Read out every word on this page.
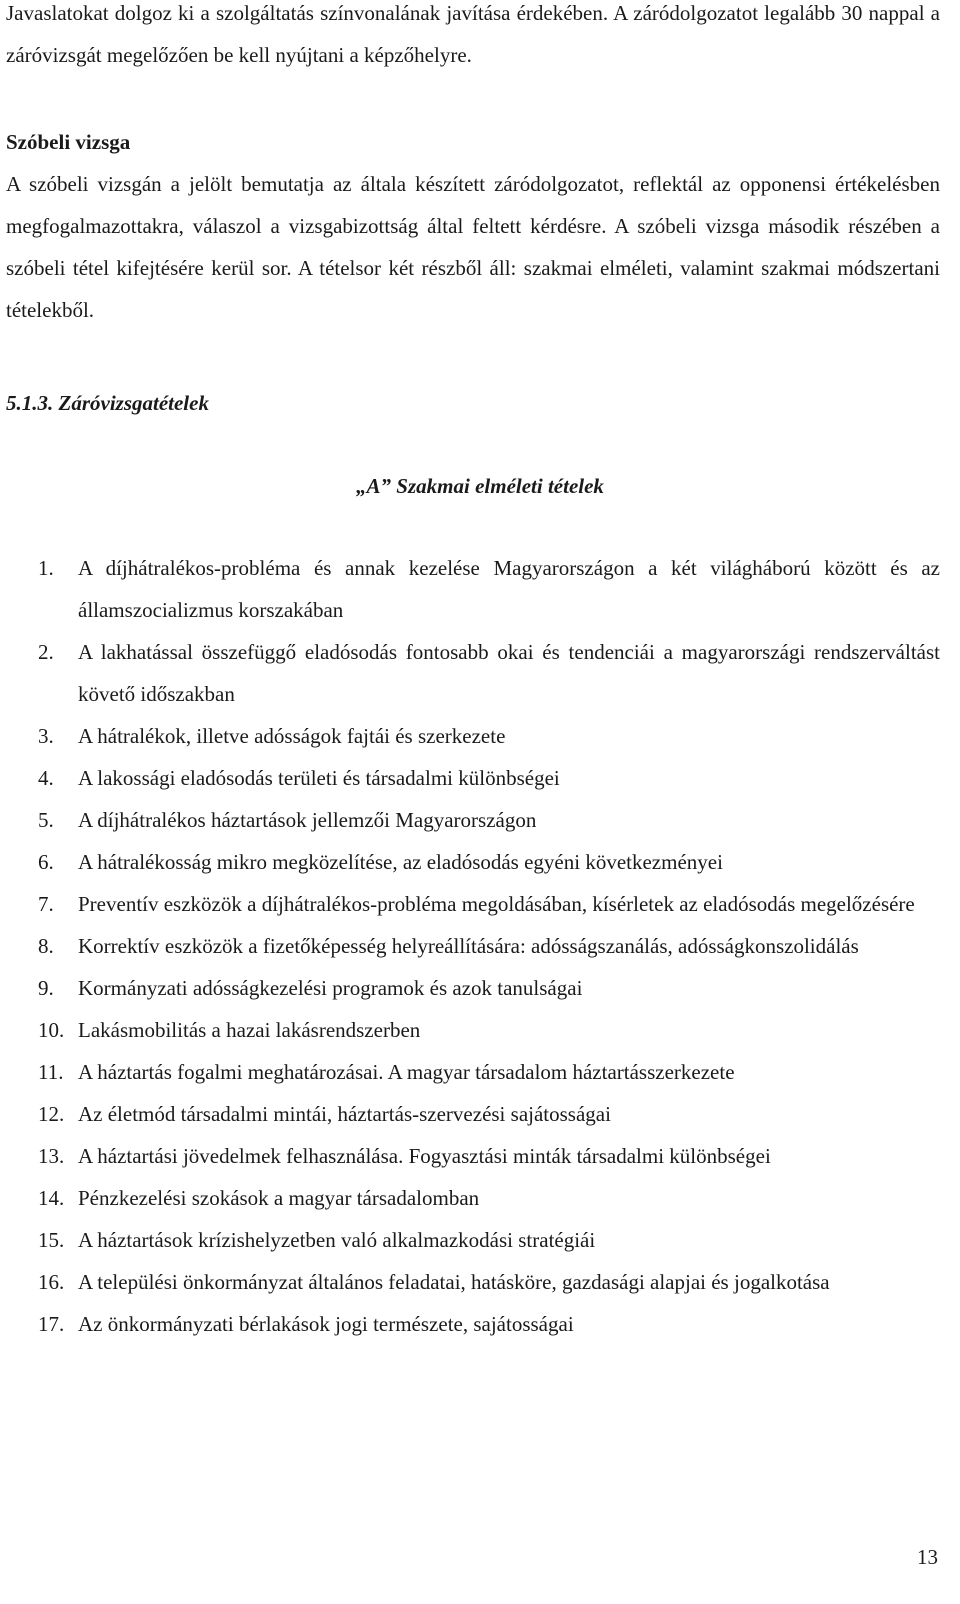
Javaslatokat dolgoz ki a szolgáltatás színvonalának javítása érdekében. A záródolgozatot legalább 30 nappal a záróvizsgát megelőzően be kell nyújtani a képzőhelyre.

Szóbeli vizsga

A szóbeli vizsgán a jelölt bemutatja az általa készített záródolgozatot, reflektál az opponensi értékelésben megfogalmazottakra, válaszol a vizsgabizottság által feltett kérdésre. A szóbeli vizsga második részében a szóbeli tétel kifejtésére kerül sor. A tételsor két részből áll: szakmai elméleti, valamint szakmai módszertani tételekből.

5.1.3. Záróvizsgatételek
„A” Szakmai elméleti tételek
1.	A díjhátralékos-probléma és annak kezelése Magyarországon a két világháború között és az államszocializmus korszakában
2.	A lakhatással összefüggő eladósodás fontosabb okai és tendenciái a magyarországi rendszerváltást követő időszakban
3.	A hátralékok, illetve adósságok fajtái és szerkezete
4.	A lakossági eladósodás területi és társadalmi különbségei
5.	A díjhátralékos háztartások jellemzői Magyarországon
6.	A hátralékosság mikro megközelítése, az eladósodás egyéni következményei
7.	Preventív eszközök a díjhátralékos-probléma megoldásában, kísérletek az eladósodás megelőzésére
8.	Korrektív eszközök a fizetőképesség helyreállítására: adósságszanálás, adósságkonszolidálás
9.	Kormányzati adósságkezelési programok és azok tanulságai
10. Lakásmobilitás a hazai lakásrendszerben
11. A háztartás fogalmi meghatározásai. A magyar társadalom háztartásszerkezete
12. Az életmód társadalmi mintái, háztartás-szervezési sajátosságai
13. A háztartási jövedelmek felhasználása. Fogyasztási minták társadalmi különbségei
14. Pénzkezelési szokások a magyar társadalomban
15. A háztartások krízishelyzetben való alkalmazkodási stratégiái
16. A települési önkormányzat általános feladatai, hatásköre, gazdasági alapjai és jogalkotása
17. Az önkormányzati bérlakások jogi természete, sajátosságai
13
